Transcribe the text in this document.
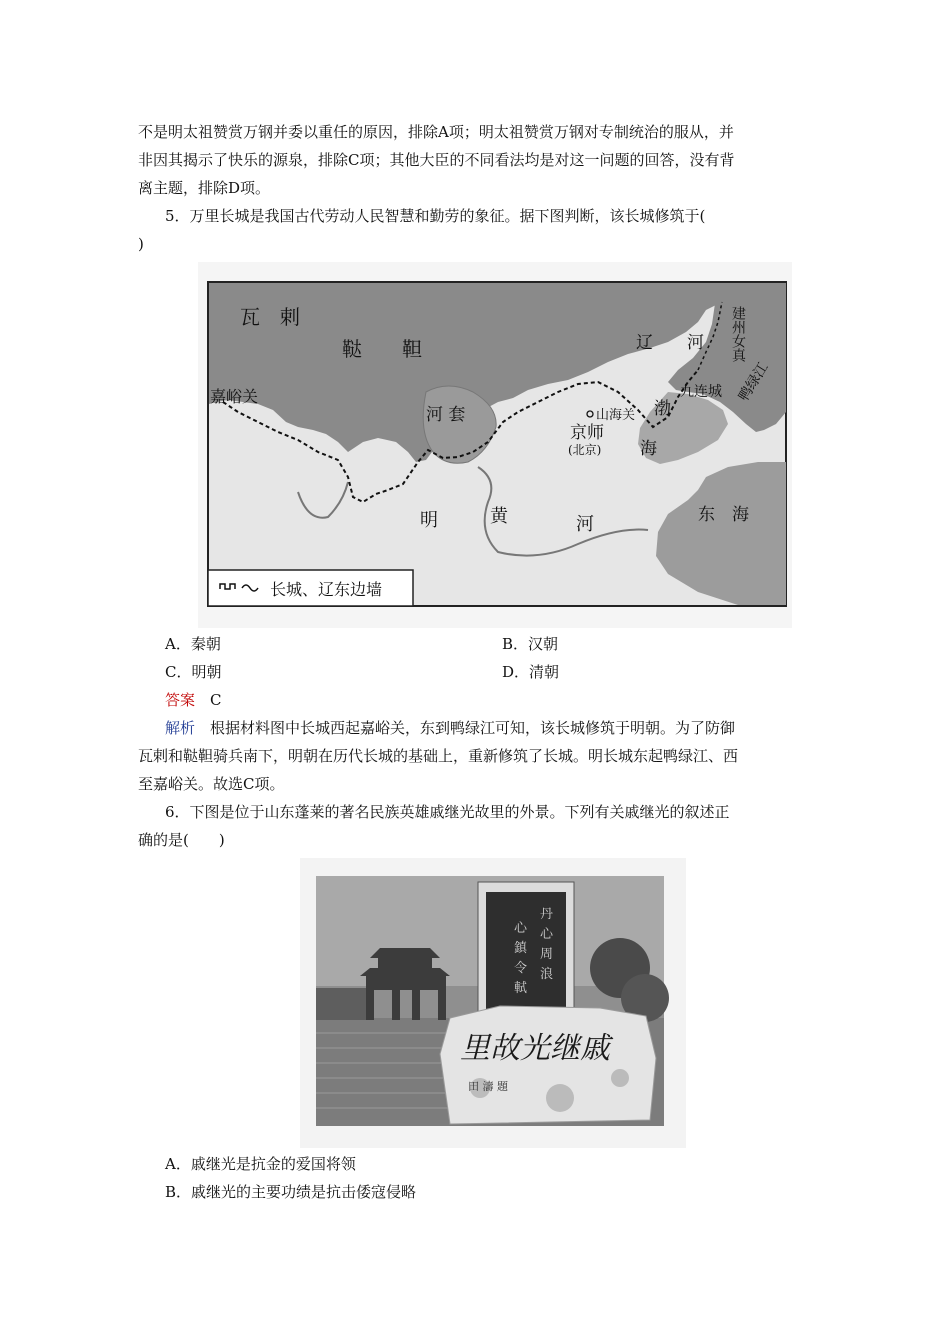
不是明太祖赞赏万钢并委以重任的原因，排除A项；明太祖赞赏万钢对专制统治的服从，并
非因其揭示了快乐的源泉，排除C项；其他大臣的不同看法均是对这一问题的回答，没有背
离主题，排除D项。
5．万里长城是我国古代劳动人民智慧和勤劳的象征。据下图判断，该长城修筑于(
)
长城、辽东边墙
瓦　剌
鞑　　靼
嘉峪关
河 套
辽　　河 建州女真
鸭绿江
九连城
山海关
京师
(北京)
渤
海
明	黄	河	东　海
A．秦朝	B．汉朝
C．明朝	D．清朝
答案　 C
解析　 根据材料图中长城西起嘉峪关，东到鸭绿江可知，该长城修筑于明朝。为了防御
瓦剌和鞑靼骑兵南下，明朝在历代长城的基础上，重新修筑了长城。明长城东起鸭绿江、西
至嘉峪关。故选C项。
6．下图是位于山东蓬莱的著名民族英雄戚继光故里的外景。下列有关戚继光的叙述正
确的是(　　)
丹
心
周
浪
心
鎮
令
軾
里故光继戚
田 濤 題
A．戚继光是抗金的爱国将领
B．戚继光的主要功绩是抗击倭寇侵略
